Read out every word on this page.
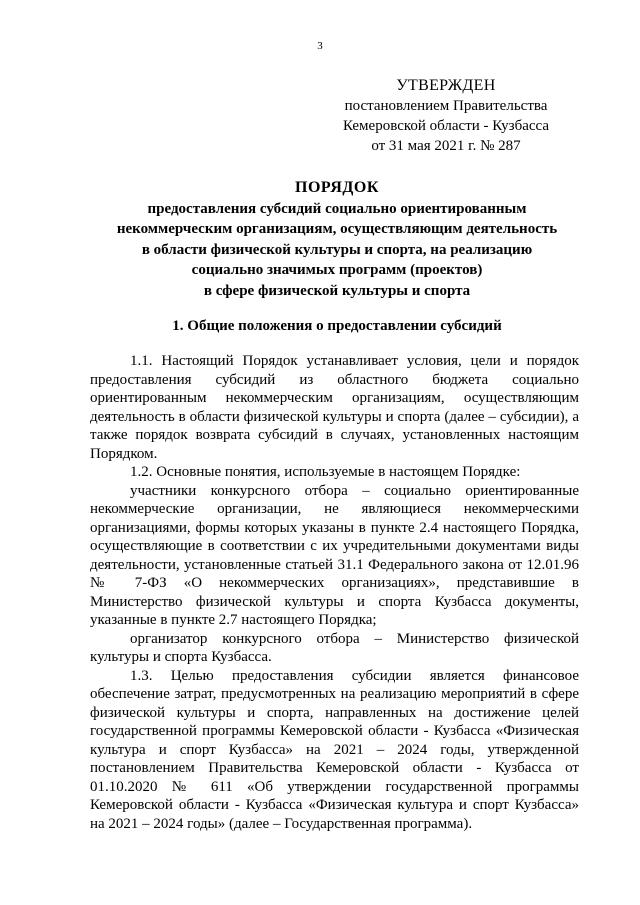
3
УТВЕРЖДЕН
постановлением Правительства
Кемеровской области - Кузбасса
от 31 мая 2021 г. № 287
ПОРЯДОК
предоставления субсидий социально ориентированным
некоммерческим организациям, осуществляющим деятельность
в области физической культуры и спорта, на реализацию
социально значимых программ (проектов)
в сфере физической культуры и спорта
1. Общие положения о предоставлении субсидий

1.1. Настоящий Порядок устанавливает условия, цели и порядок предоставления субсидий из областного бюджета социально ориентированным некоммерческим организациям, осуществляющим деятельность в области физической культуры и спорта (далее – субсидии), а также порядок возврата субсидий в случаях, установленных настоящим Порядком.

1.2. Основные понятия, используемые в настоящем Порядке:

участники конкурсного отбора – социально ориентированные некоммерческие организации, не являющиеся некоммерческими организациями, формы которых указаны в пункте 2.4 настоящего Порядка, осуществляющие в соответствии с их учредительными документами виды деятельности, установленные статьей 31.1 Федерального закона от 12.01.96 № 7-ФЗ «О некоммерческих организациях», представившие в Министерство физической культуры и спорта Кузбасса документы, указанные в пункте 2.7 настоящего Порядка;

организатор конкурсного отбора – Министерство физической культуры и спорта Кузбасса.

1.3. Целью предоставления субсидии является финансовое обеспечение затрат, предусмотренных на реализацию мероприятий в сфере физической культуры и спорта, направленных на достижение целей государственной программы Кемеровской области - Кузбасса «Физическая культура и спорт Кузбасса» на 2021 – 2024 годы, утвержденной постановлением Правительства Кемеровской области - Кузбасса от 01.10.2020 № 611 «Об утверждении государственной программы Кемеровской области - Кузбасса «Физическая культура и спорт Кузбасса» на 2021 – 2024 годы» (далее – Государственная программа).
